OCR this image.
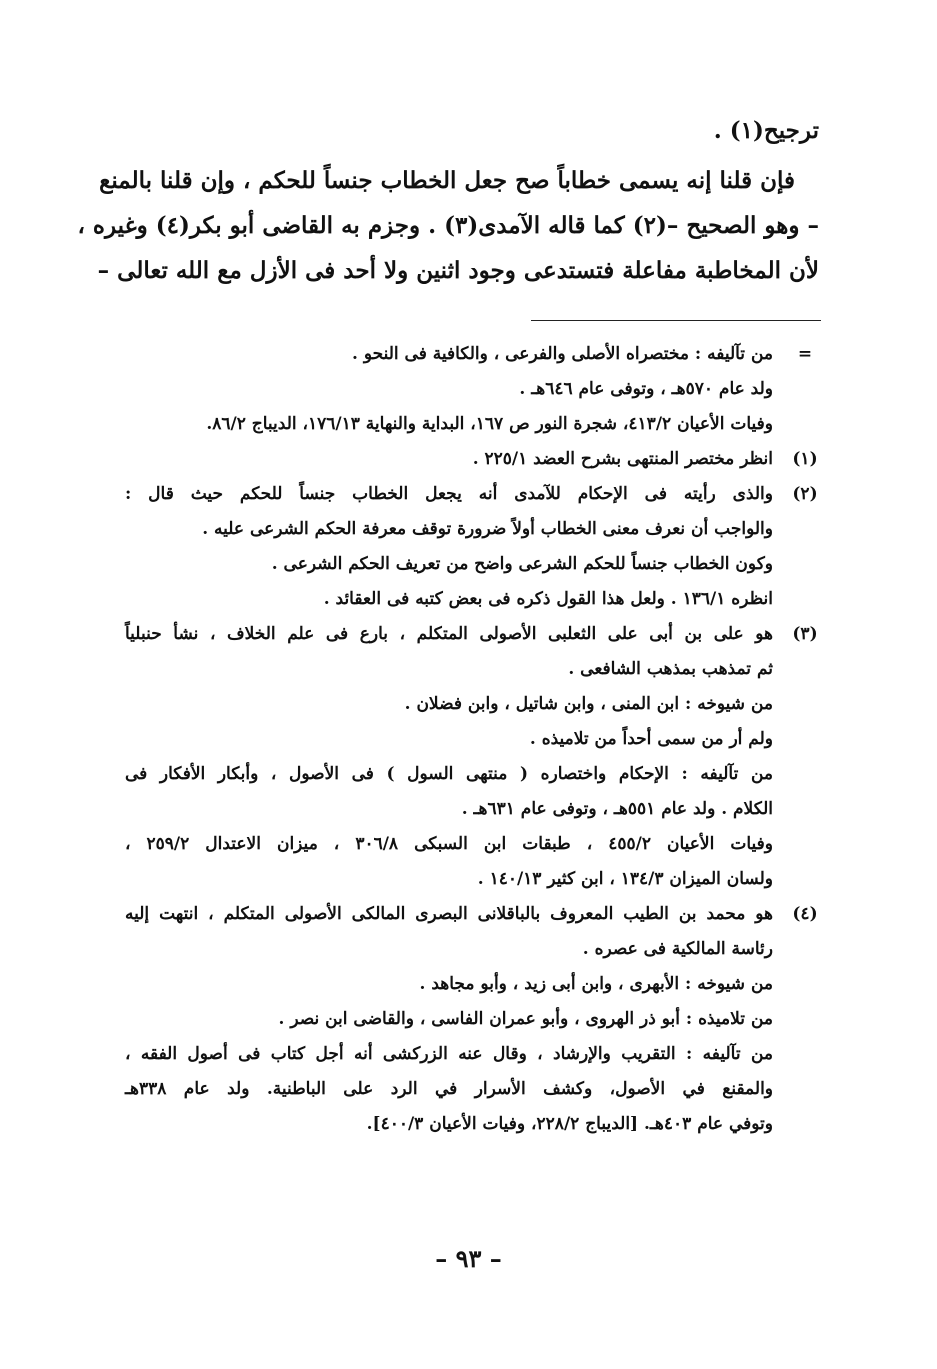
ترجيح(١) .
فإن قلنا إنه يسمى خطاباً صح جعل الخطاب جنساً للحكم ، وإن قلنا بالمنع
– وهو الصحيح –(٢) كما قاله الآمدى(٣) . وجزم به القاضى أبو بكر(٤) وغيره ،
لأن المخاطبة مفاعلة فتستدعى وجود اثنين ولا أحد فى الأزل مع الله تعالى –
=
من تآليفه : مختصراه الأصلى والفرعى ، والكافية فى النحو .
ولد عام ٥٧٠هـ ، وتوفى عام ٦٤٦هـ .
وفيات الأعيان ٤١٣/٢، شجرة النور ص ١٦٧، البداية والنهاية ١٧٦/١٣، الديباج ٨٦/٢.
(١)
انظر مختصر المنتهى بشرح العضد ٢٢٥/١ .
(٢)
والذى رأيته فى الإحكام للآمدى أنه يجعل الخطاب جنساً للحكم حيث قال :
والواجب أن نعرف معنى الخطاب أولاً ضرورة توقف معرفة الحكم الشرعى عليه .
وكون الخطاب جنساً للحكم الشرعى واضح من تعريف الحكم الشرعى .
انظره ١٣٦/١ . ولعل هذا القول ذكره فى بعض كتبه فى العقائد .
(٣)
هو على بن أبى على الثعلبى الأصولى المتكلم ، بارع فى علم الخلاف ، نشأ حنبلياً
ثم تمذهب بمذهب الشافعى .
من شيوخه : ابن المنى ، وابن شاتيل ، وابن فضلان .
ولم أر من سمى أحداً من تلاميذه .
من تآليفه : الإحكام واختصاره ( منتهى السول ) فى الأصول ، وأبكار الأفكار فى
الكلام . ولد عام ٥٥١هـ ، وتوفى عام ٦٣١هـ .
وفيات الأعيان ٤٥٥/٢ ، طبقات ابن السبكى ٣٠٦/٨ ، ميزان الاعتدال ٢٥٩/٢ ،
ولسان الميزان ١٣٤/٣ ، ابن كثير ١٤٠/١٣ .
(٤)
هو محمد بن الطيب المعروف بالباقلانى البصرى المالكى الأصولى المتكلم ، انتهت إليه
رئاسة المالكية فى عصره .
من شيوخه : الأبهرى ، وابن أبى زيد ، وأبو مجاهد .
من تلاميذه : أبو ذر الهروى ، وأبو عمران الفاسى ، والقاضى ابن نصر .
من تآليفه : التقريب والإرشاد ، وقال عنه الزركشى أنه أجل كتاب فى أصول الفقه ،
والمقنع في الأصول، وكشف الأسرار في الرد على الباطنية. ولد عام ٣٣٨هـ
وتوفي عام ٤٠٣هـ. [الديباج ٢٢٨/٢، وفيات الأعيان ٤٠٠/٣].
– ٩٣ –
